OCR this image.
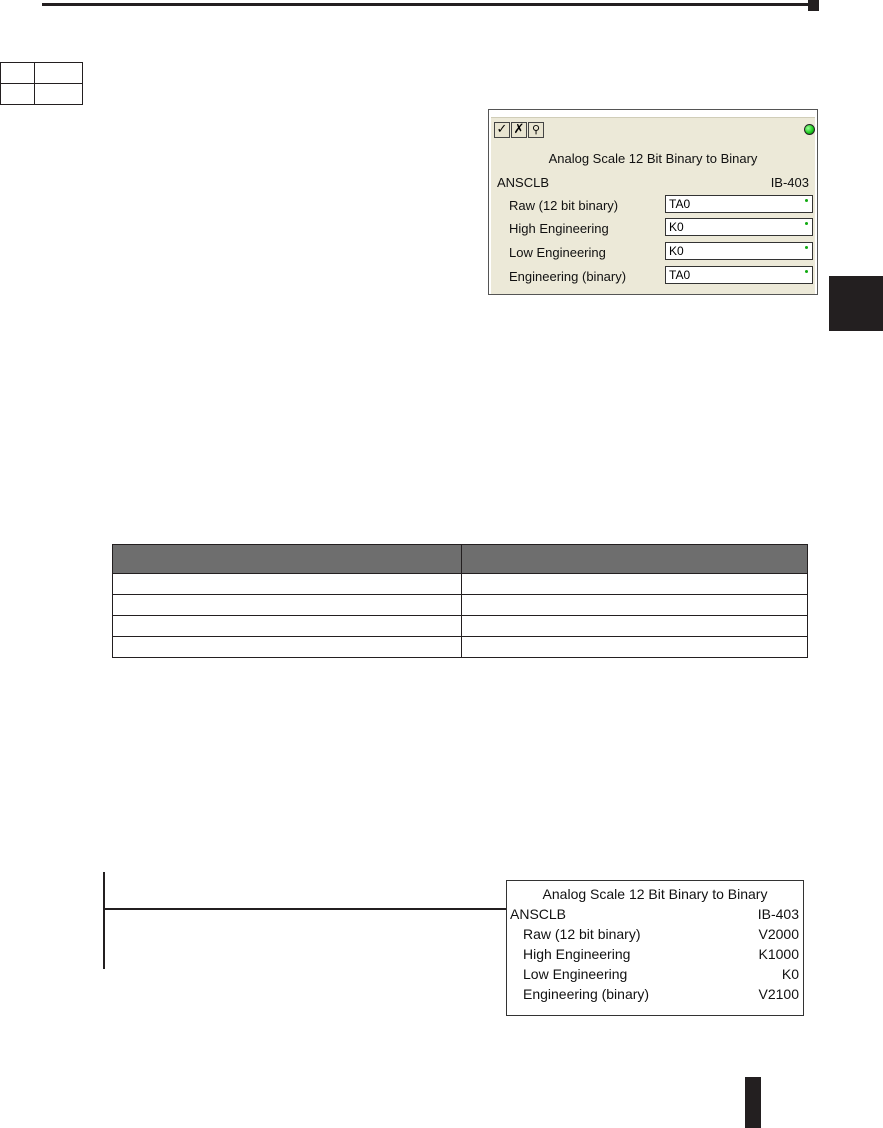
✓ ✗ ⚲
Analog Scale 12 Bit Binary to Binary
ANSCLB	IB-403
Raw (12 bit binary)	TA0
High Engineering	K0
Low Engineering	K0
Engineering (binary)	TA0

Analog Scale 12 Bit Binary to Binary
ANSCLB	IB-403
Raw (12 bit binary)	V2000
High Engineering	K1000
Low Engineering	K0
Engineering (binary)	V2100
